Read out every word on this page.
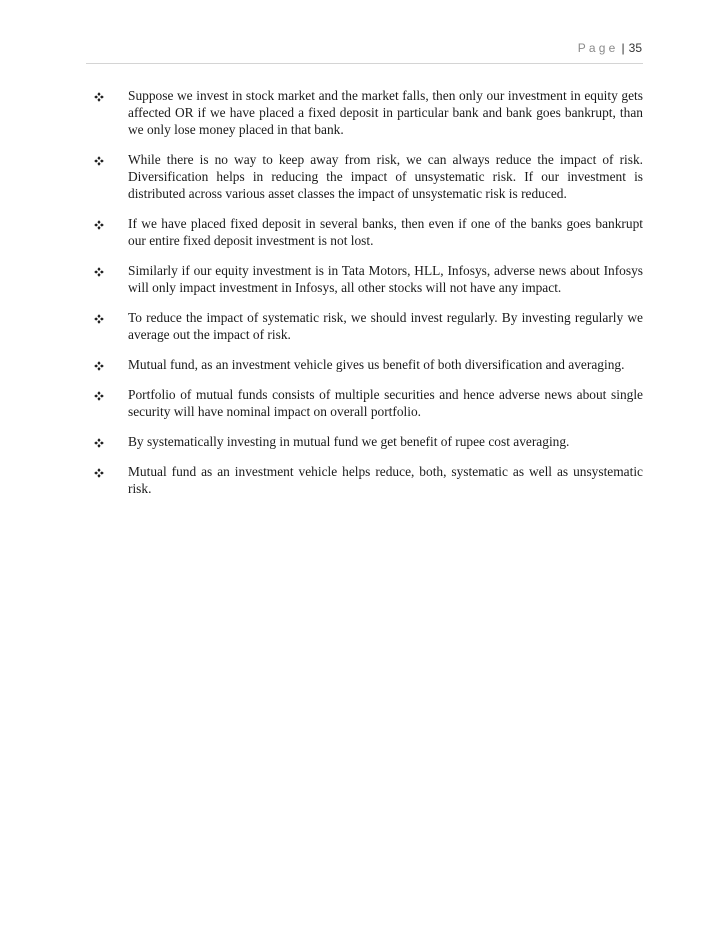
Page | 35
Suppose we invest in stock market and the market falls, then only our investment in equity gets affected OR if we have placed a fixed deposit in particular bank and bank goes bankrupt, than we only lose money placed in that bank.
While there is no way to keep away from risk, we can always reduce the impact of risk. Diversification helps in reducing the impact of unsystematic risk. If our investment is distributed across various asset classes the impact of unsystematic risk is reduced.
If we have placed fixed deposit in several banks, then even if one of the banks goes bankrupt our entire fixed deposit investment is not lost.
Similarly if our equity investment is in Tata Motors, HLL, Infosys, adverse news about Infosys will only impact investment in Infosys, all other stocks will not have any impact.
To reduce the impact of systematic risk, we should invest regularly. By investing regularly we average out the impact of risk.
Mutual fund, as an investment vehicle gives us benefit of both diversification and averaging.
Portfolio of mutual funds consists of multiple securities and hence adverse news about single security will have nominal impact on overall portfolio.
By systematically investing in mutual fund we get benefit of rupee cost averaging.
Mutual fund as an investment vehicle helps reduce, both, systematic as well as unsystematic risk.
